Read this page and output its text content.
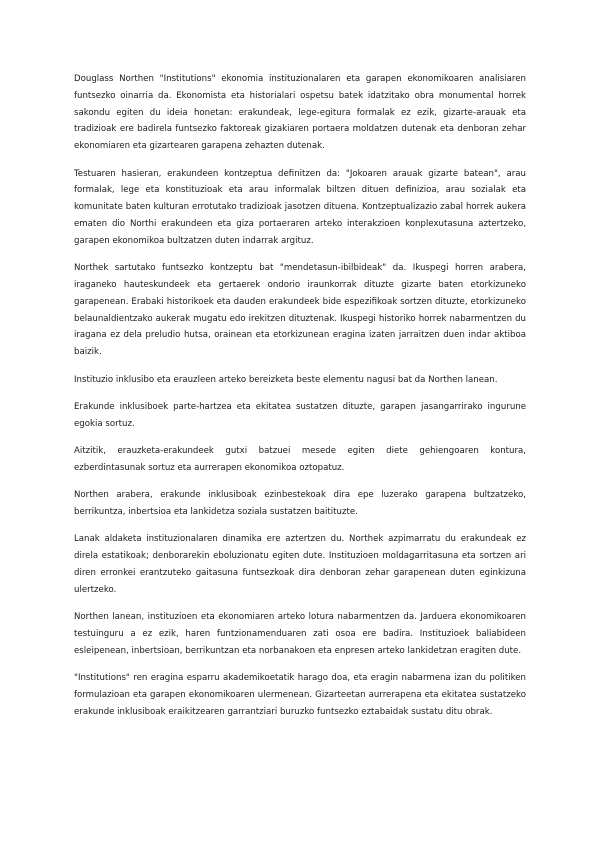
Douglass Northen "Institutions" ekonomia instituzionalaren eta garapen ekonomikoaren analisiaren funtsezko oinarria da. Ekonomista eta historialari ospetsu batek idatzitako obra monumental horrek sakondu egiten du ideia honetan: erakundeak, lege-egitura formalak ez ezik, gizarte-arauak eta tradizioak ere badirela funtsezko faktoreak gizakiaren portaera moldatzen dutenak eta denboran zehar ekonomiaren eta gizartearen garapena zehazten dutenak.

Testuaren hasieran, erakundeen kontzeptua definitzen da: "Jokoaren arauak gizarte batean", arau formalak, lege eta konstituzioak eta arau informalak biltzen dituen definizioa, arau sozialak eta komunitate baten kulturan errotutako tradizioak jasotzen dituena. Kontzeptualizazio zabal horrek aukera ematen dio Northi erakundeen eta giza portaeraren arteko interakzioen konplexutasuna aztertzeko, garapen ekonomikoa bultzatzen duten indarrak argituz.

Northek sartutako funtsezko kontzeptu bat "mendetasun-ibilbideak" da. Ikuspegi horren arabera, iraganeko hauteskundeek eta gertaerek ondorio iraunkorrak dituzte gizarte baten etorkizuneko garapenean. Erabaki historikoek eta dauden erakundeek bide espezifikoak sortzen dituzte, etorkizuneko belaunaldientzako aukerak mugatu edo irekitzen dituztenak. Ikuspegi historiko horrek nabarmentzen du iragana ez dela preludio hutsa, orainean eta etorkizunean eragina izaten jarraitzen duen indar aktiboa baizik.

Instituzio inklusibo eta erauzleen arteko bereizketa beste elementu nagusi bat da Northen lanean.

Erakunde inklusiboek parte-hartzea eta ekitatea sustatzen dituzte, garapen jasangarrirako ingurune egokia sortuz.

Aitzitik, erauzketa-erakundeek gutxi batzuei mesede egiten diete gehiengoaren kontura, ezberdintasunak sortuz eta aurrerapen ekonomikoa oztopatuz.

Northen arabera, erakunde inklusiboak ezinbestekoak dira epe luzerako garapena bultzatzeko, berrikuntza, inbertsioa eta lankidetza soziala sustatzen baitituzte.

Lanak aldaketa instituzionalaren dinamika ere aztertzen du. Northek azpimarratu du erakundeak ez direla estatikoak; denborarekin eboluzionatu egiten dute. Instituzioen moldagarritasuna eta sortzen ari diren erronkei erantzuteko gaitasuna funtsezkoak dira denboran zehar garapenean duten eginkizuna ulertzeko.

Northen lanean, instituzioen eta ekonomiaren arteko lotura nabarmentzen da. Jarduera ekonomikoaren testuinguru a ez ezik, haren funtzionamenduaren zati osoa ere badira. Instituzioek baliabideen esleipenean, inbertsioan, berrikuntzan eta norbanakoen eta enpresen arteko lankidetzan eragiten dute.

"Institutions" ren eragina esparru akademikoetatik harago doa, eta eragin nabarmena izan du politiken formulazioan eta garapen ekonomikoaren ulermenean. Gizarteetan aurrerapena eta ekitatea sustatzeko erakunde inklusiboak eraikitzearen garrantziari buruzko funtsezko eztabaidak sustatu ditu obrak.
